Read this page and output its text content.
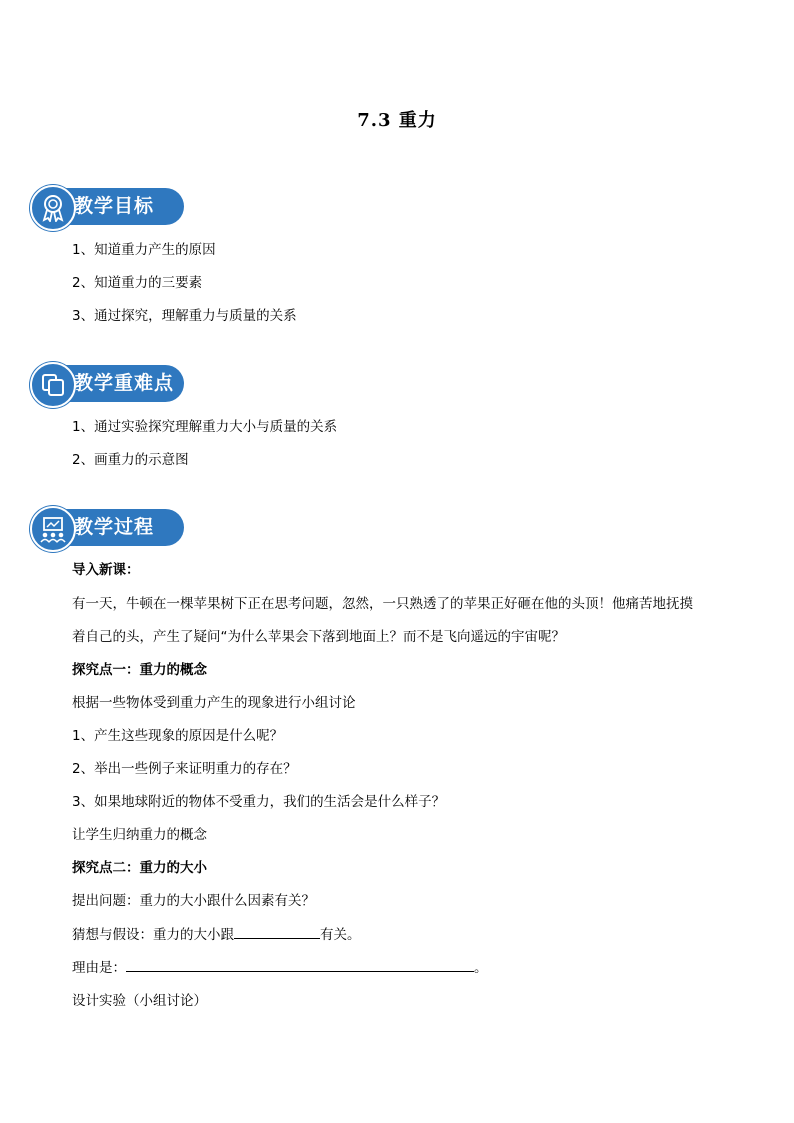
7.3 重力
教学目标
1、知道重力产生的原因
2、知道重力的三要素
3、通过探究，理解重力与质量的关系
教学重难点
1、通过实验探究理解重力大小与质量的关系
2、画重力的示意图
教学过程
导入新课：
有一天，牛顿在一棵苹果树下正在思考问题，忽然，一只熟透了的苹果正好砸在他的头顶！他痛苦地抚摸
着自己的头，产生了疑问“为什么苹果会下落到地面上？而不是飞向遥远的宇宙呢？
探究点一：重力的概念
根据一些物体受到重力产生的现象进行小组讨论
1、产生这些现象的原因是什么呢？
2、举出一些例子来证明重力的存在？
3、如果地球附近的物体不受重力，我们的生活会是什么样子？
让学生归纳重力的概念
探究点二：重力的大小
提出问题：重力的大小跟什么因素有关？
猜想与假设：重力的大小跟	有关。
理由是：	。
设计实验（小组讨论）
